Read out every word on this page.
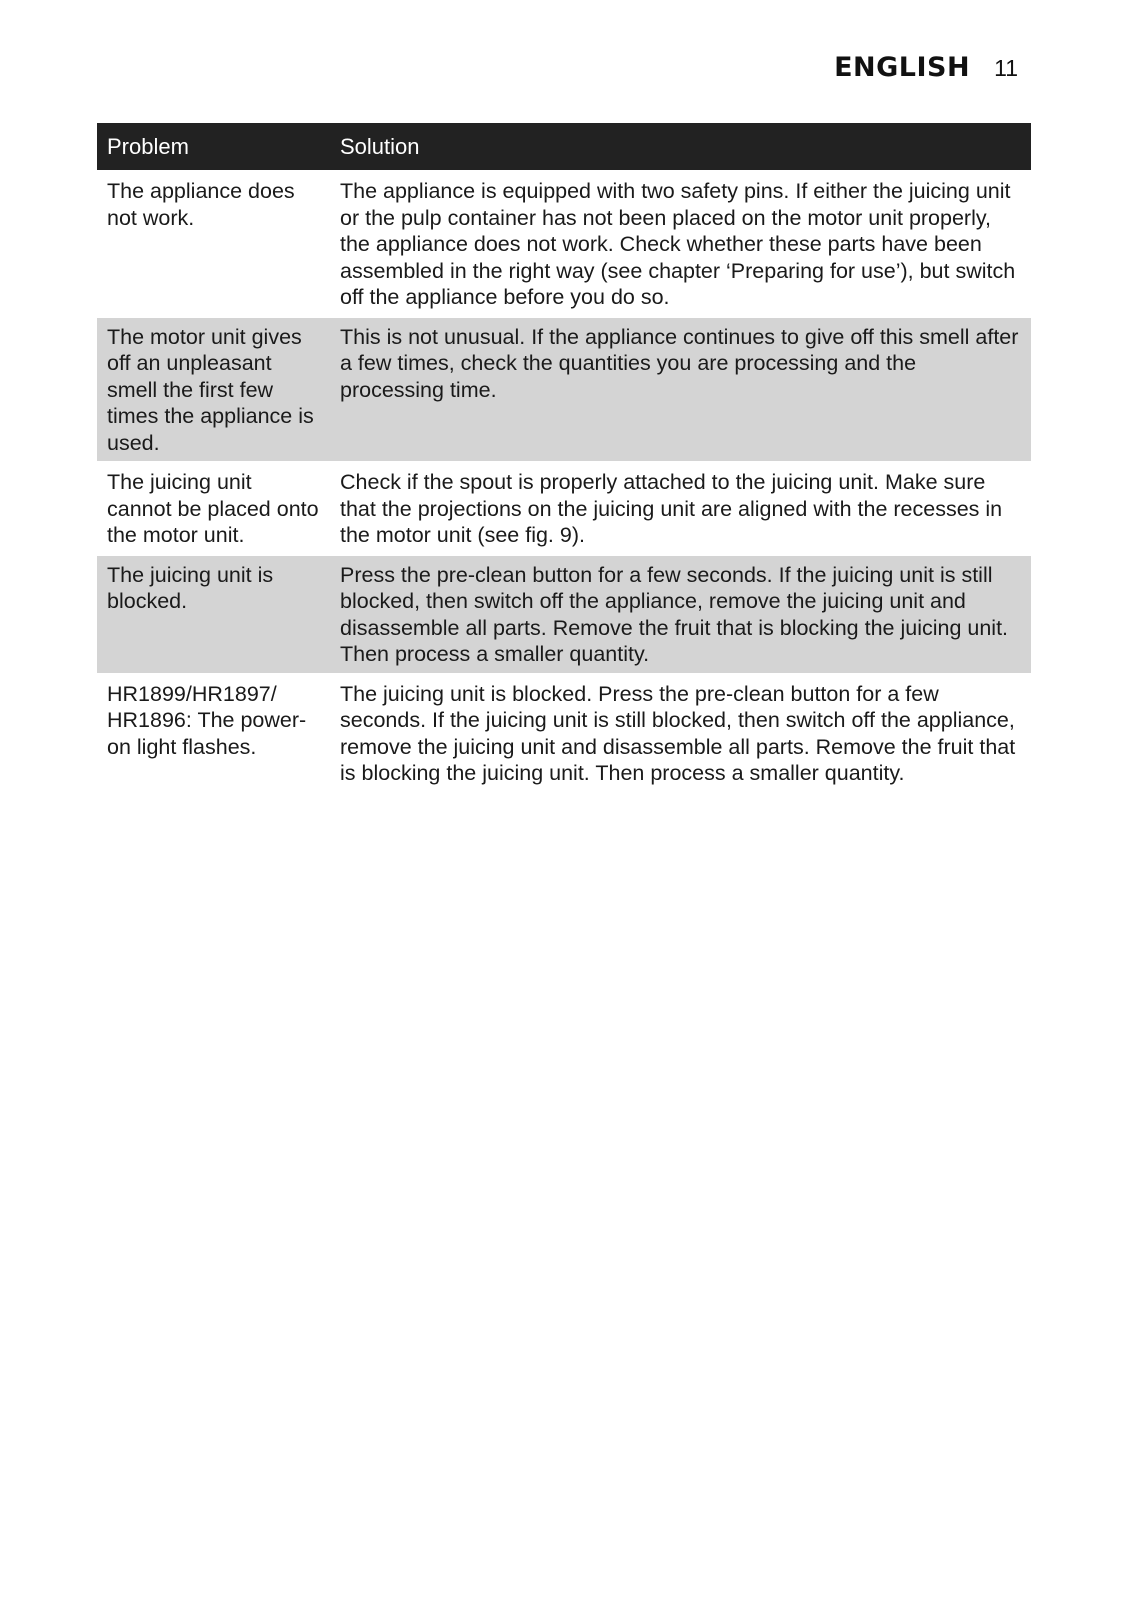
ENGLISH 11
Problem	Solution
The appliance does not work.
The appliance is equipped with two safety pins. If either the juicing unit or the pulp container has not been placed on the motor unit properly, the appliance does not work. Check whether these parts have been assembled in the right way (see chapter ‘Preparing for use’), but switch off the appliance before you do so.
The motor unit gives off an unpleasant smell the first few times the appliance is used.
This is not unusual. If the appliance continues to give off this smell after a few times, check the quantities you are processing and the processing time.
The juicing unit cannot be placed onto the motor unit.
Check if the spout is properly attached to the juicing unit. Make sure that the projections on the juicing unit are aligned with the recesses in the motor unit (see fig. 9).
The juicing unit is blocked.
Press the pre-clean button for a few seconds. If the juicing unit is still blocked, then switch off the appliance, remove the juicing unit and disassemble all parts. Remove the fruit that is blocking the juicing unit. Then process a smaller quantity.
HR1899/HR1897/ HR1896: The power-on light flashes.
The juicing unit is blocked. Press the pre-clean button for a few seconds. If the juicing unit is still blocked, then switch off the appliance, remove the juicing unit and disassemble all parts. Remove the fruit that is blocking the juicing unit. Then process a smaller quantity.
